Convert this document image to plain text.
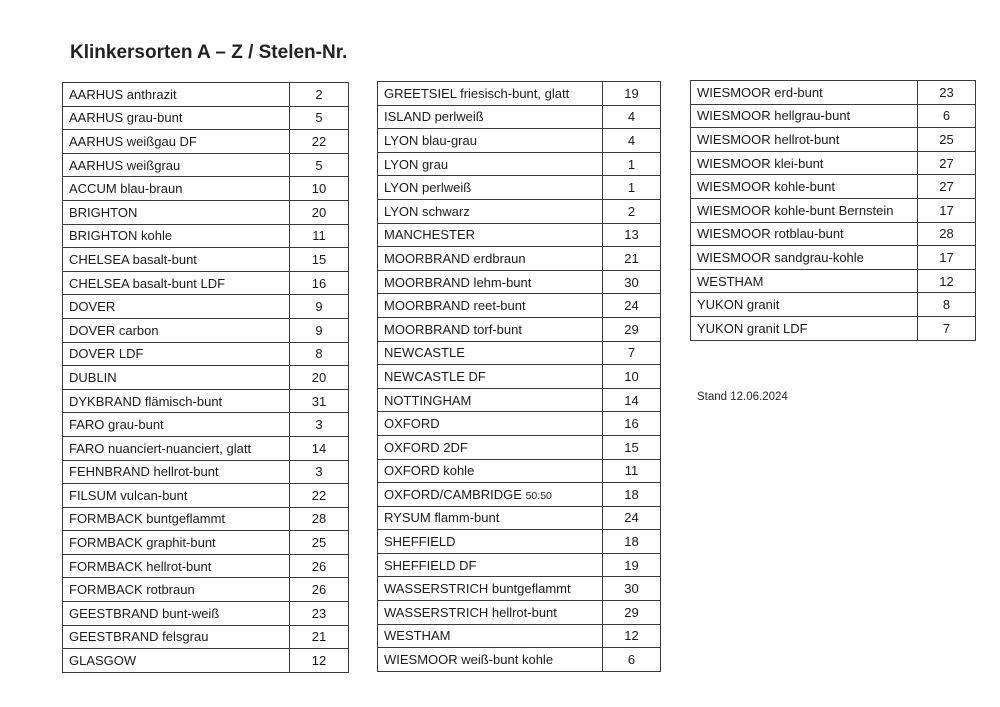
Klinkersorten A – Z / Stelen-Nr.
AARHUS anthrazit	2
AARHUS grau-bunt	5
AARHUS weißgau DF	22
AARHUS weißgrau	5
ACCUM blau-braun	10
BRIGHTON	20
BRIGHTON kohle	11
CHELSEA basalt-bunt	15
CHELSEA basalt-bunt LDF	16
DOVER	9
DOVER carbon	9
DOVER LDF	8
DUBLIN	20
DYKBRAND flämisch-bunt	31
FARO grau-bunt	3
FARO nuanciert-nuanciert, glatt	14
FEHNBRAND hellrot-bunt	3
FILSUM vulcan-bunt	22
FORMBACK buntgeflammt	28
FORMBACK graphit-bunt	25
FORMBACK hellrot-bunt	26
FORMBACK rotbraun	26
GEESTBRAND bunt-weiß	23
GEESTBRAND felsgrau	21
GLASGOW	12
GREETSIEL friesisch-bunt, glatt	19
ISLAND perlweiß	4
LYON blau-grau	4
LYON grau	1
LYON perlweiß	1
LYON schwarz	2
MANCHESTER	13
MOORBRAND erdbraun	21
MOORBRAND lehm-bunt	30
MOORBRAND reet-bunt	24
MOORBRAND torf-bunt	29
NEWCASTLE	7
NEWCASTLE DF	10
NOTTINGHAM	14
OXFORD	16
OXFORD 2DF	15
OXFORD kohle	11
OXFORD/CAMBRIDGE 50:50	18
RYSUM flamm-bunt	24
SHEFFIELD	18
SHEFFIELD DF	19
WASSERSTRICH buntgeflammt	30
WASSERSTRICH hellrot-bunt	29
WESTHAM	12
WIESMOOR weiß-bunt kohle	6
WIESMOOR erd-bunt	23
WIESMOOR hellgrau-bunt	6
WIESMOOR hellrot-bunt	25
WIESMOOR klei-bunt	27
WIESMOOR kohle-bunt	27
WIESMOOR kohle-bunt Bernstein	17
WIESMOOR rotblau-bunt	28
WIESMOOR sandgrau-kohle	17
WESTHAM	12
YUKON granit	8
YUKON granit LDF	7
Stand 12.06.2024
